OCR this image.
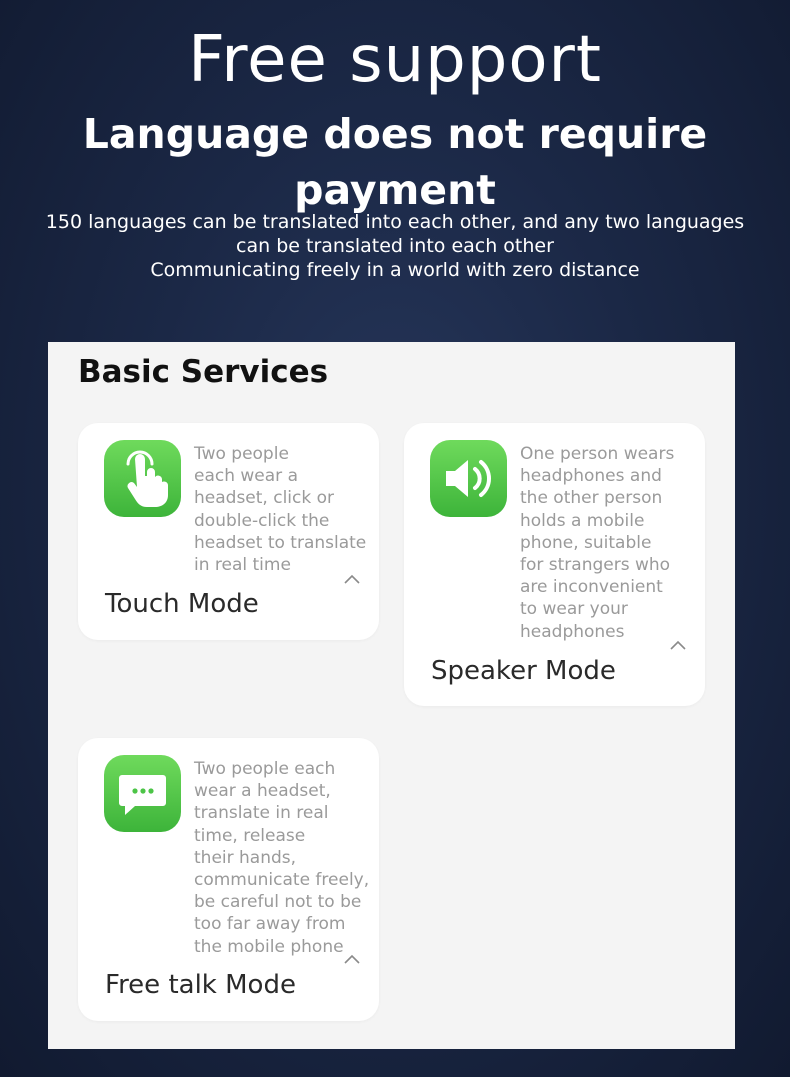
Free support
Language does not require payment
150 languages can be translated into each other, and any two languages
can be translated into each other
Communicating freely in a world with zero distance
Basic Services
Two people
each wear a
headset, click or
double-click the
headset to translate
in real time
Touch Mode
One person wears
headphones and
the other person
holds a mobile
phone, suitable
for strangers who
are inconvenient
to wear your
headphones
Speaker Mode
Two people each
wear a headset,
translate in real
time, release
their hands,
communicate freely,
be careful not to be
too far away from
the mobile phone
Free talk Mode
